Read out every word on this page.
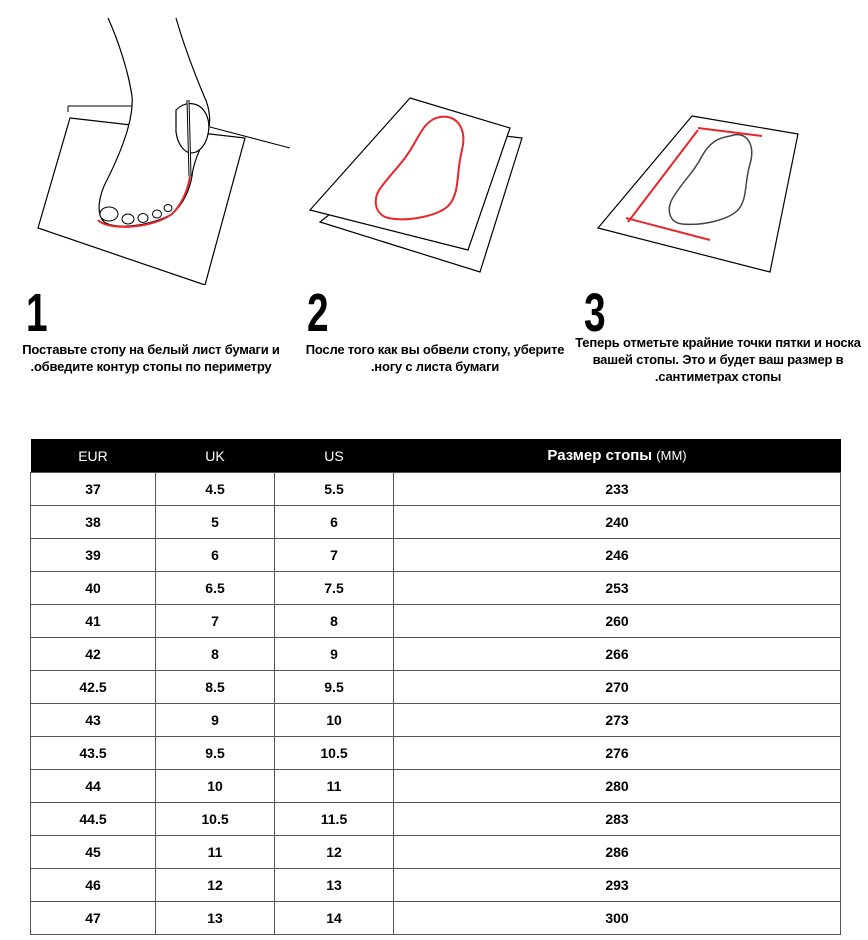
1
Поставьте стопу на белый лист бумаги и .обведите контур стопы по периметру
2
После того как вы обвели стопу, уберите .ногу с листа бумаги
3
Теперь отметьте крайние точки пятки и носка вашей стопы. Это и будет ваш размер в .сантиметрах стопы
EUR	UK	US	Размер стопы (MM)
37	4.5	5.5	233
38	5	6	240
39	6	7	246
40	6.5	7.5	253
41	7	8	260
42	8	9	266
42.5	8.5	9.5	270
43	9	10	273
43.5	9.5	10.5	276
44	10	11	280
44.5	10.5	11.5	283
45	11	12	286
46	12	13	293
47	13	14	300
